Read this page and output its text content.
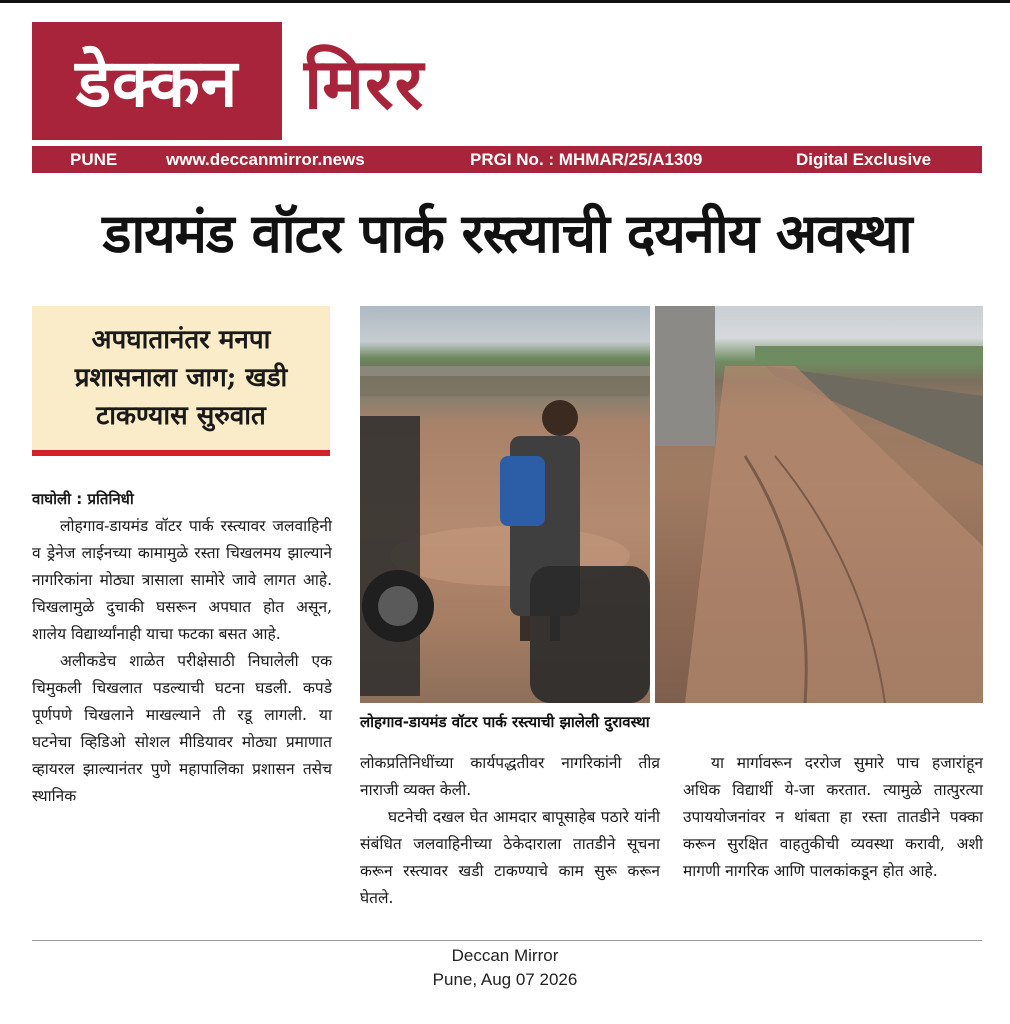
डेक्कन मिरर
PUNE	www.deccanmirror.news	PRGI No. : MHMAR/25/A1309	Digital Exclusive
डायमंड वॉटर पार्क रस्त्याची दयनीय अवस्था
अपघातानंतर मनपा प्रशासनाला जाग; खडी टाकण्यास सुरुवात
वाघोली : प्रतिनिधी

लोहगाव-डायमंड वॉटर पार्क रस्त्यावर जलवाहिनी व ड्रेनेज लाईनच्या कामामुळे रस्ता चिखलमय झाल्याने नागरिकांना मोठ्या त्रासाला सामोरे जावे लागत आहे. चिखलामुळे दुचाकी घसरून अपघात होत असून, शालेय विद्यार्थ्यांनाही याचा फटका बसत आहे.

अलीकडेच शाळेत परीक्षेसाठी निघालेली एक चिमुकली चिखलात पडल्याची घटना घडली. कपडे पूर्णपणे चिखलाने माखल्याने ती रडू लागली. या घटनेचा व्हिडिओ सोशल मीडियावर मोठ्या प्रमाणात व्हायरल झाल्यानंतर पुणे महापालिका प्रशासन तसेच स्थानिक

लोहगाव-डायमंड वॉटर पार्क रस्त्याची झालेली दुरावस्था

लोकप्रतिनिधींच्या कार्यपद्धतीवर नागरिकांनी तीव्र नाराजी व्यक्त केली.

घटनेची दखल घेत आमदार बापूसाहेब पठारे यांनी संबंधित जलवाहिनीच्या ठेकेदाराला तातडीने सूचना करून रस्त्यावर खडी टाकण्याचे काम सुरू करून घेतले.

या मार्गावरून दररोज सुमारे पाच हजारांहून अधिक विद्यार्थी ये-जा करतात. त्यामुळे तात्पुरत्या उपाययोजनांवर न थांबता हा रस्ता तातडीने पक्का करून सुरक्षित वाहतुकीची व्यवस्था करावी, अशी मागणी नागरिक आणि पालकांकडून होत आहे.

Deccan Mirror
Pune, Aug 07 2026
